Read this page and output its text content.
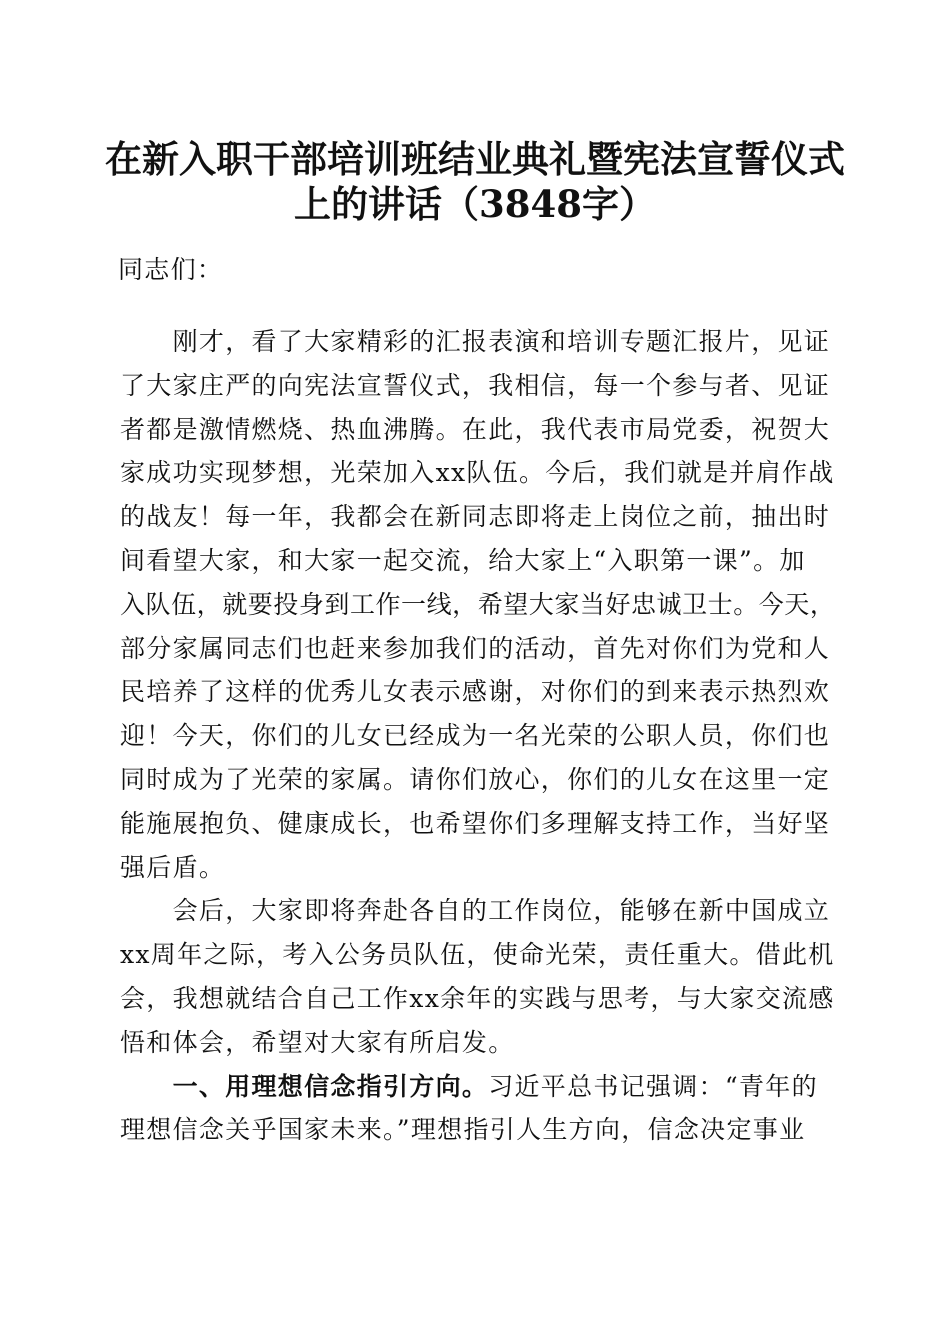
在新入职干部培训班结业典礼暨宪法宣誓仪式
上的讲话（3848字）

同志们：

　　刚才，看了大家精彩的汇报表演和培训专题汇报片，见证

了大家庄严的向宪法宣誓仪式，我相信，每一个参与者、见证

者都是激情燃烧、热血沸腾。在此，我代表市局党委，祝贺大

家成功实现梦想，光荣加入xx队伍。今后，我们就是并肩作战

的战友！每一年，我都会在新同志即将走上岗位之前，抽出时

间看望大家，和大家一起交流，给大家上“入职第一课”。加

入队伍，就要投身到工作一线，希望大家当好忠诚卫士。今天，

部分家属同志们也赶来参加我们的活动，首先对你们为党和人

民培养了这样的优秀儿女表示感谢，对你们的到来表示热烈欢

迎！今天，你们的儿女已经成为一名光荣的公职人员，你们也

同时成为了光荣的家属。请你们放心，你们的儿女在这里一定

能施展抱负、健康成长，也希望你们多理解支持工作，当好坚

强后盾。

　　会后，大家即将奔赴各自的工作岗位，能够在新中国成立

xx周年之际，考入公务员队伍，使命光荣，责任重大。借此机

会，我想就结合自己工作xx余年的实践与思考，与大家交流感

悟和体会，希望对大家有所启发。

　　一、用理想信念指引方向。习近平总书记强调：“青年的

理想信念关乎国家未来。”理想指引人生方向，信念决定事业
